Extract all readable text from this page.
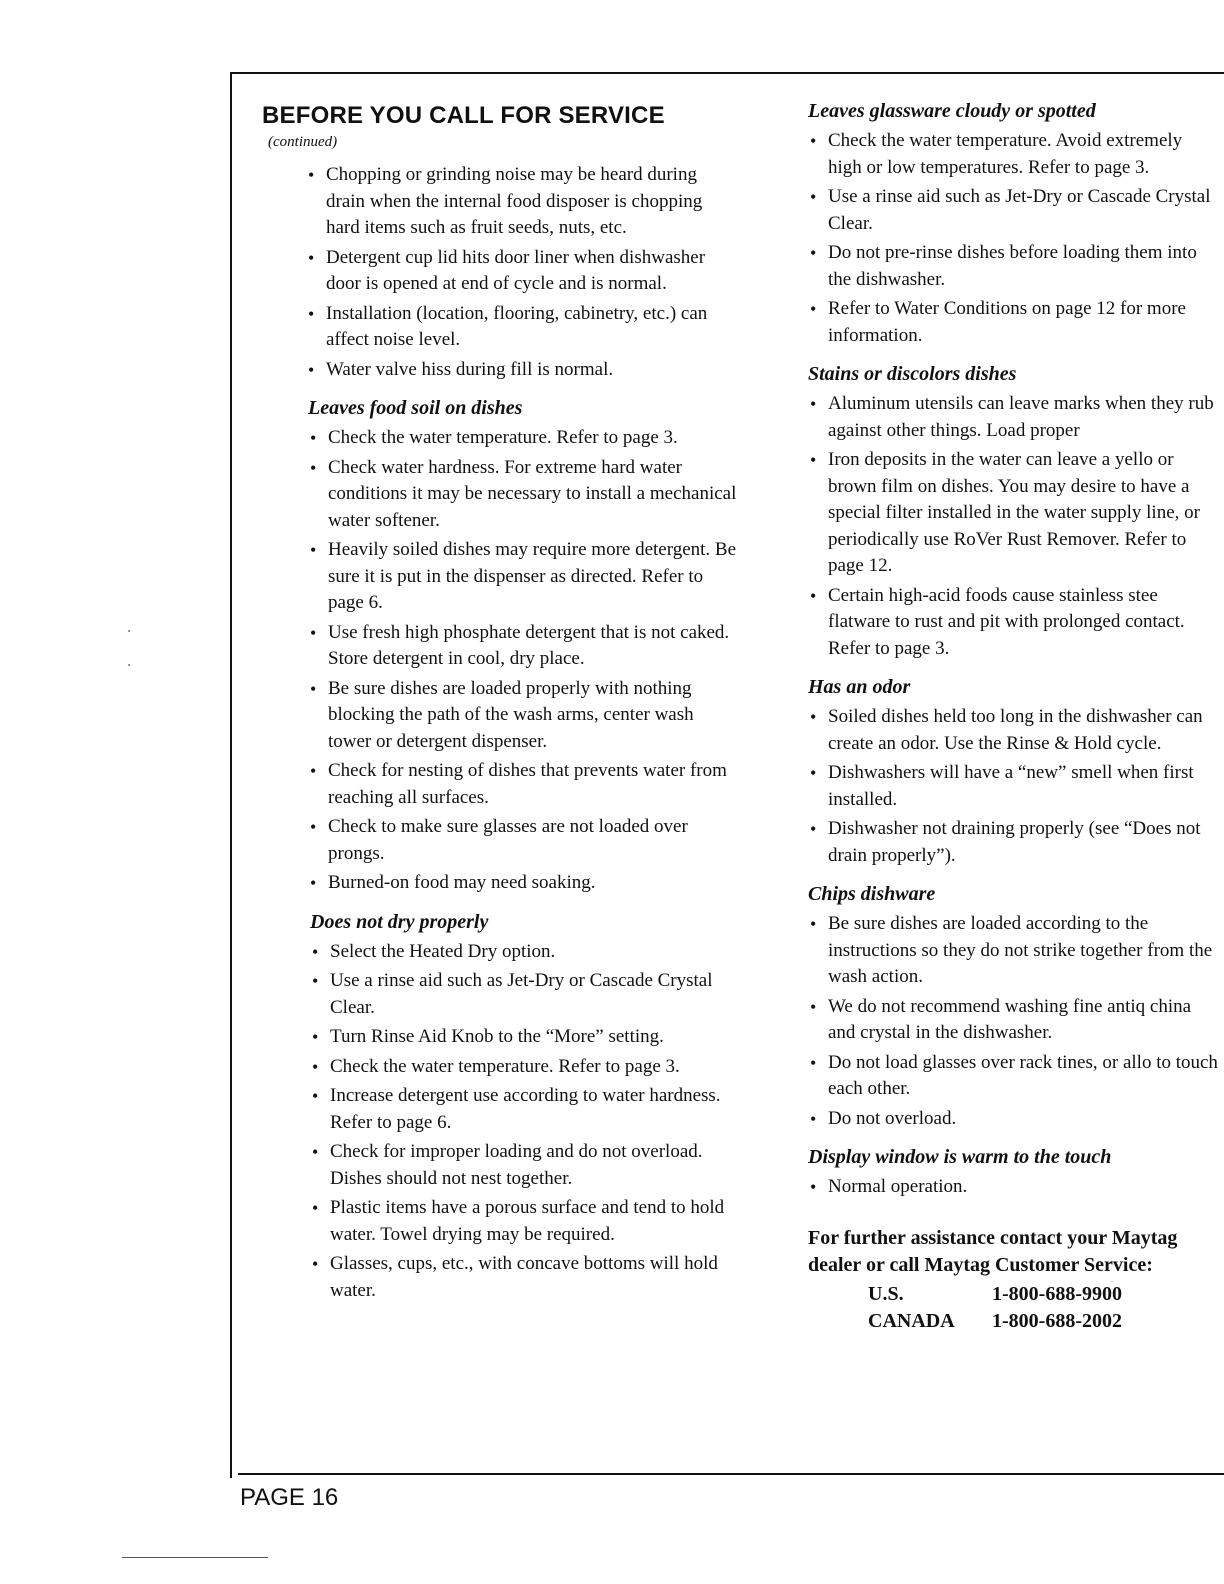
BEFORE YOU CALL FOR SERVICE

(continued)

• Chopping or grinding noise may be heard during drain when the internal food disposer is chopping hard items such as fruit seeds, nuts, etc.
• Detergent cup lid hits door liner when dishwasher door is opened at end of cycle and is normal.
• Installation (location, flooring, cabinetry, etc.) can affect noise level.
• Water valve hiss during fill is normal.
Leaves food soil on dishes
• Check the water temperature. Refer to page 3.
• Check water hardness. For extreme hard water conditions it may be necessary to install a mechanical water softener.
• Heavily soiled dishes may require more detergent. Be sure it is put in the dispenser as directed. Refer to page 6.
• Use fresh high phosphate detergent that is not caked. Store detergent in cool, dry place.
• Be sure dishes are loaded properly with nothing blocking the path of the wash arms, center wash tower or detergent dispenser.
• Check for nesting of dishes that prevents water from reaching all surfaces.
• Check to make sure glasses are not loaded over prongs.
• Burned-on food may need soaking.
Does not dry properly
• Select the Heated Dry option.
• Use a rinse aid such as Jet-Dry or Cascade Crystal Clear.
• Turn Rinse Aid Knob to the “More” setting.
• Check the water temperature. Refer to page 3.
• Increase detergent use according to water hardness. Refer to page 6.
• Check for improper loading and do not overload. Dishes should not nest together.
• Plastic items have a porous surface and tend to hold water. Towel drying may be required.
• Glasses, cups, etc., with concave bottoms will hold water.
Leaves glassware cloudy or spotted
• Check the water temperature. Avoid extremely high or low temperatures. Refer to page 3.
• Use a rinse aid such as Jet-Dry or Cascade Crystal Clear.
• Do not pre-rinse dishes before loading them into the dishwasher.
• Refer to Water Conditions on page 12 for more information.
Stains or discolors dishes
• Aluminum utensils can leave marks when they rub against other things. Load proper
• Iron deposits in the water can leave a yello or brown film on dishes. You may desire to have a special filter installed in the water supply line, or periodically use RoVer Rust Remover. Refer to page 12.
• Certain high-acid foods cause stainless stee flatware to rust and pit with prolonged contact. Refer to page 3.
Has an odor
• Soiled dishes held too long in the dishwasher can create an odor. Use the Rinse & Hold cycle.
• Dishwashers will have a “new” smell when first installed.
• Dishwasher not draining properly (see “Does not drain properly”).
Chips dishware
• Be sure dishes are loaded according to the instructions so they do not strike together from the wash action.
• We do not recommend washing fine antiq china and crystal in the dishwasher.
• Do not load glasses over rack tines, or allo to touch each other.
• Do not overload.
Display window is warm to the touch
• Normal operation.
For further assistance contact your Maytag dealer or call Maytag Customer Service:
U.S.	1-800-688-9900
CANADA	1-800-688-2002
PAGE 16
